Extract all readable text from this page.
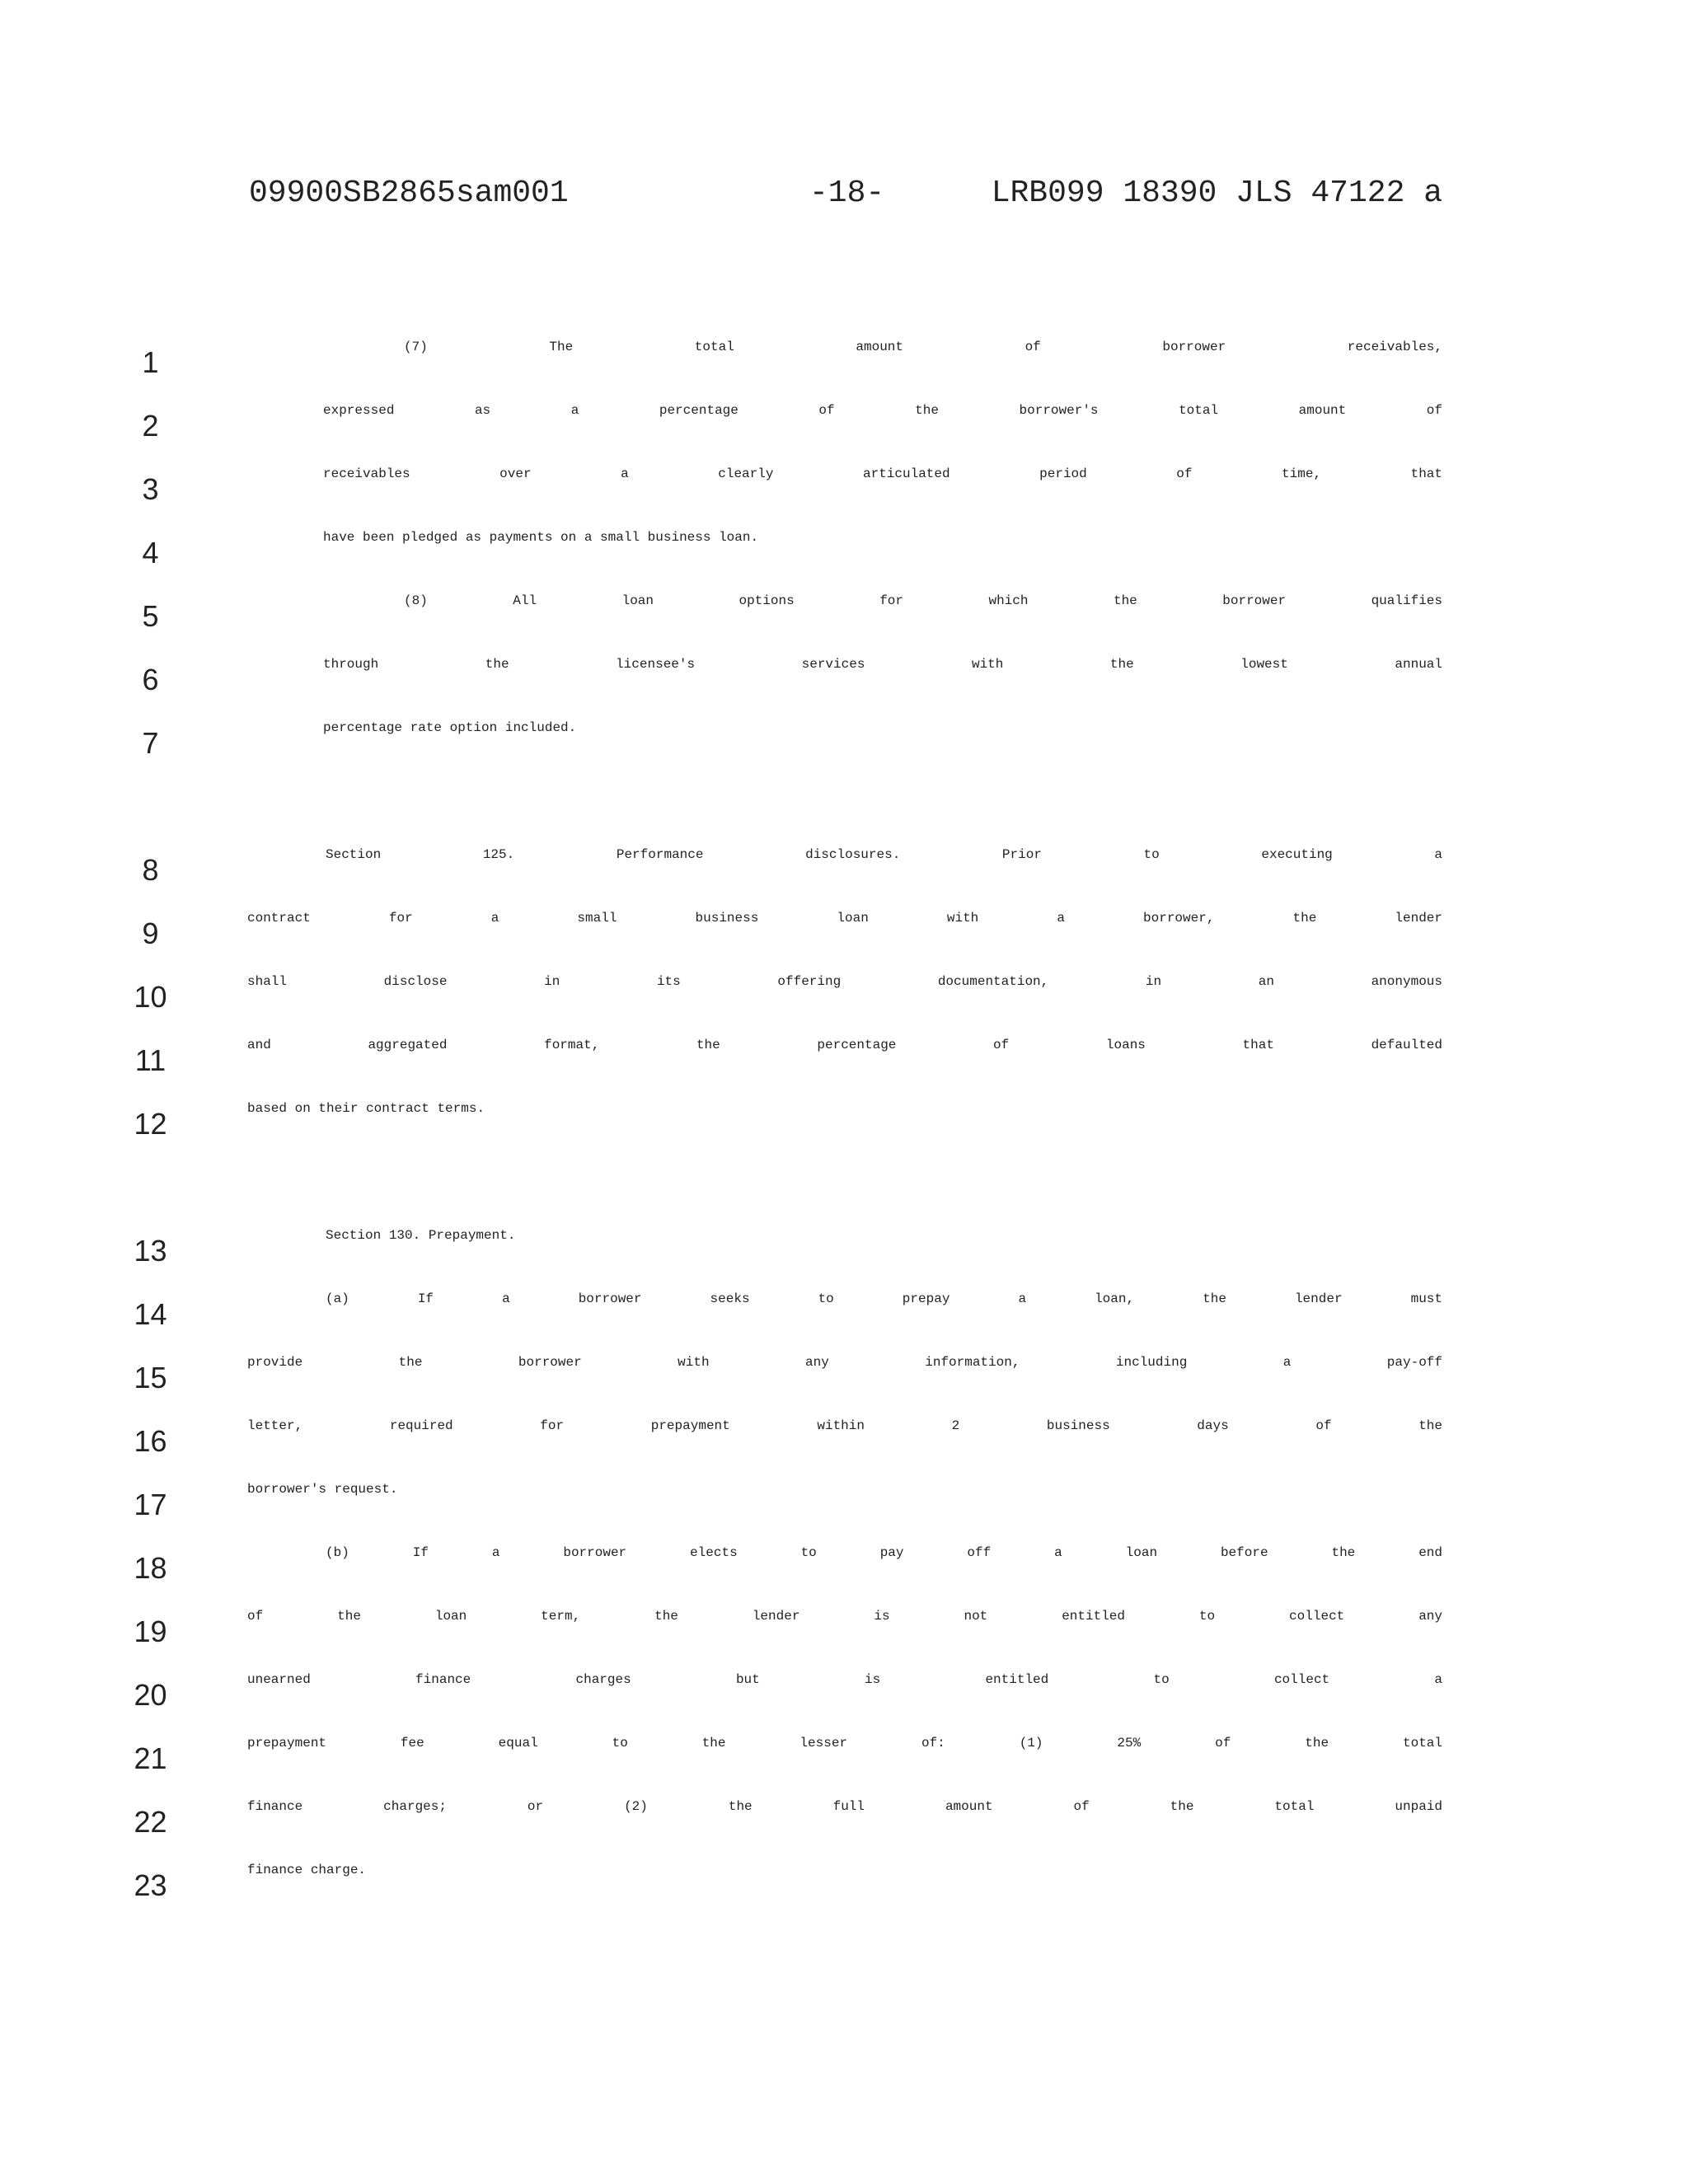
09900SB2865sam001	-18-	LRB099 18390 JLS 47122 a
1	(7) The total amount of borrower receivables,
2	expressed as a percentage of the borrower's total amount of
3	receivables over a clearly articulated period of time, that
4	have been pledged as payments on a small business loan.
5	(8) All loan options for which the borrower qualifies
6	through the licensee's services with the lowest annual
7	percentage rate option included.
8	Section 125. Performance disclosures. Prior to executing a
9	contract for a small business loan with a borrower, the lender
10	shall disclose in its offering documentation, in an anonymous
11	and aggregated format, the percentage of loans that defaulted
12	based on their contract terms.
13	Section 130. Prepayment.
14	(a) If a borrower seeks to prepay a loan, the lender must
15	provide the borrower with any information, including a pay-off
16	letter, required for prepayment within 2 business days of the
17	borrower's request.
18	(b) If a borrower elects to pay off a loan before the end
19	of the loan term, the lender is not entitled to collect any
20	unearned finance charges but is entitled to collect a
21	prepayment fee equal to the lesser of: (1) 25% of the total
22	finance charges; or (2) the full amount of the total unpaid
23	finance charge.
